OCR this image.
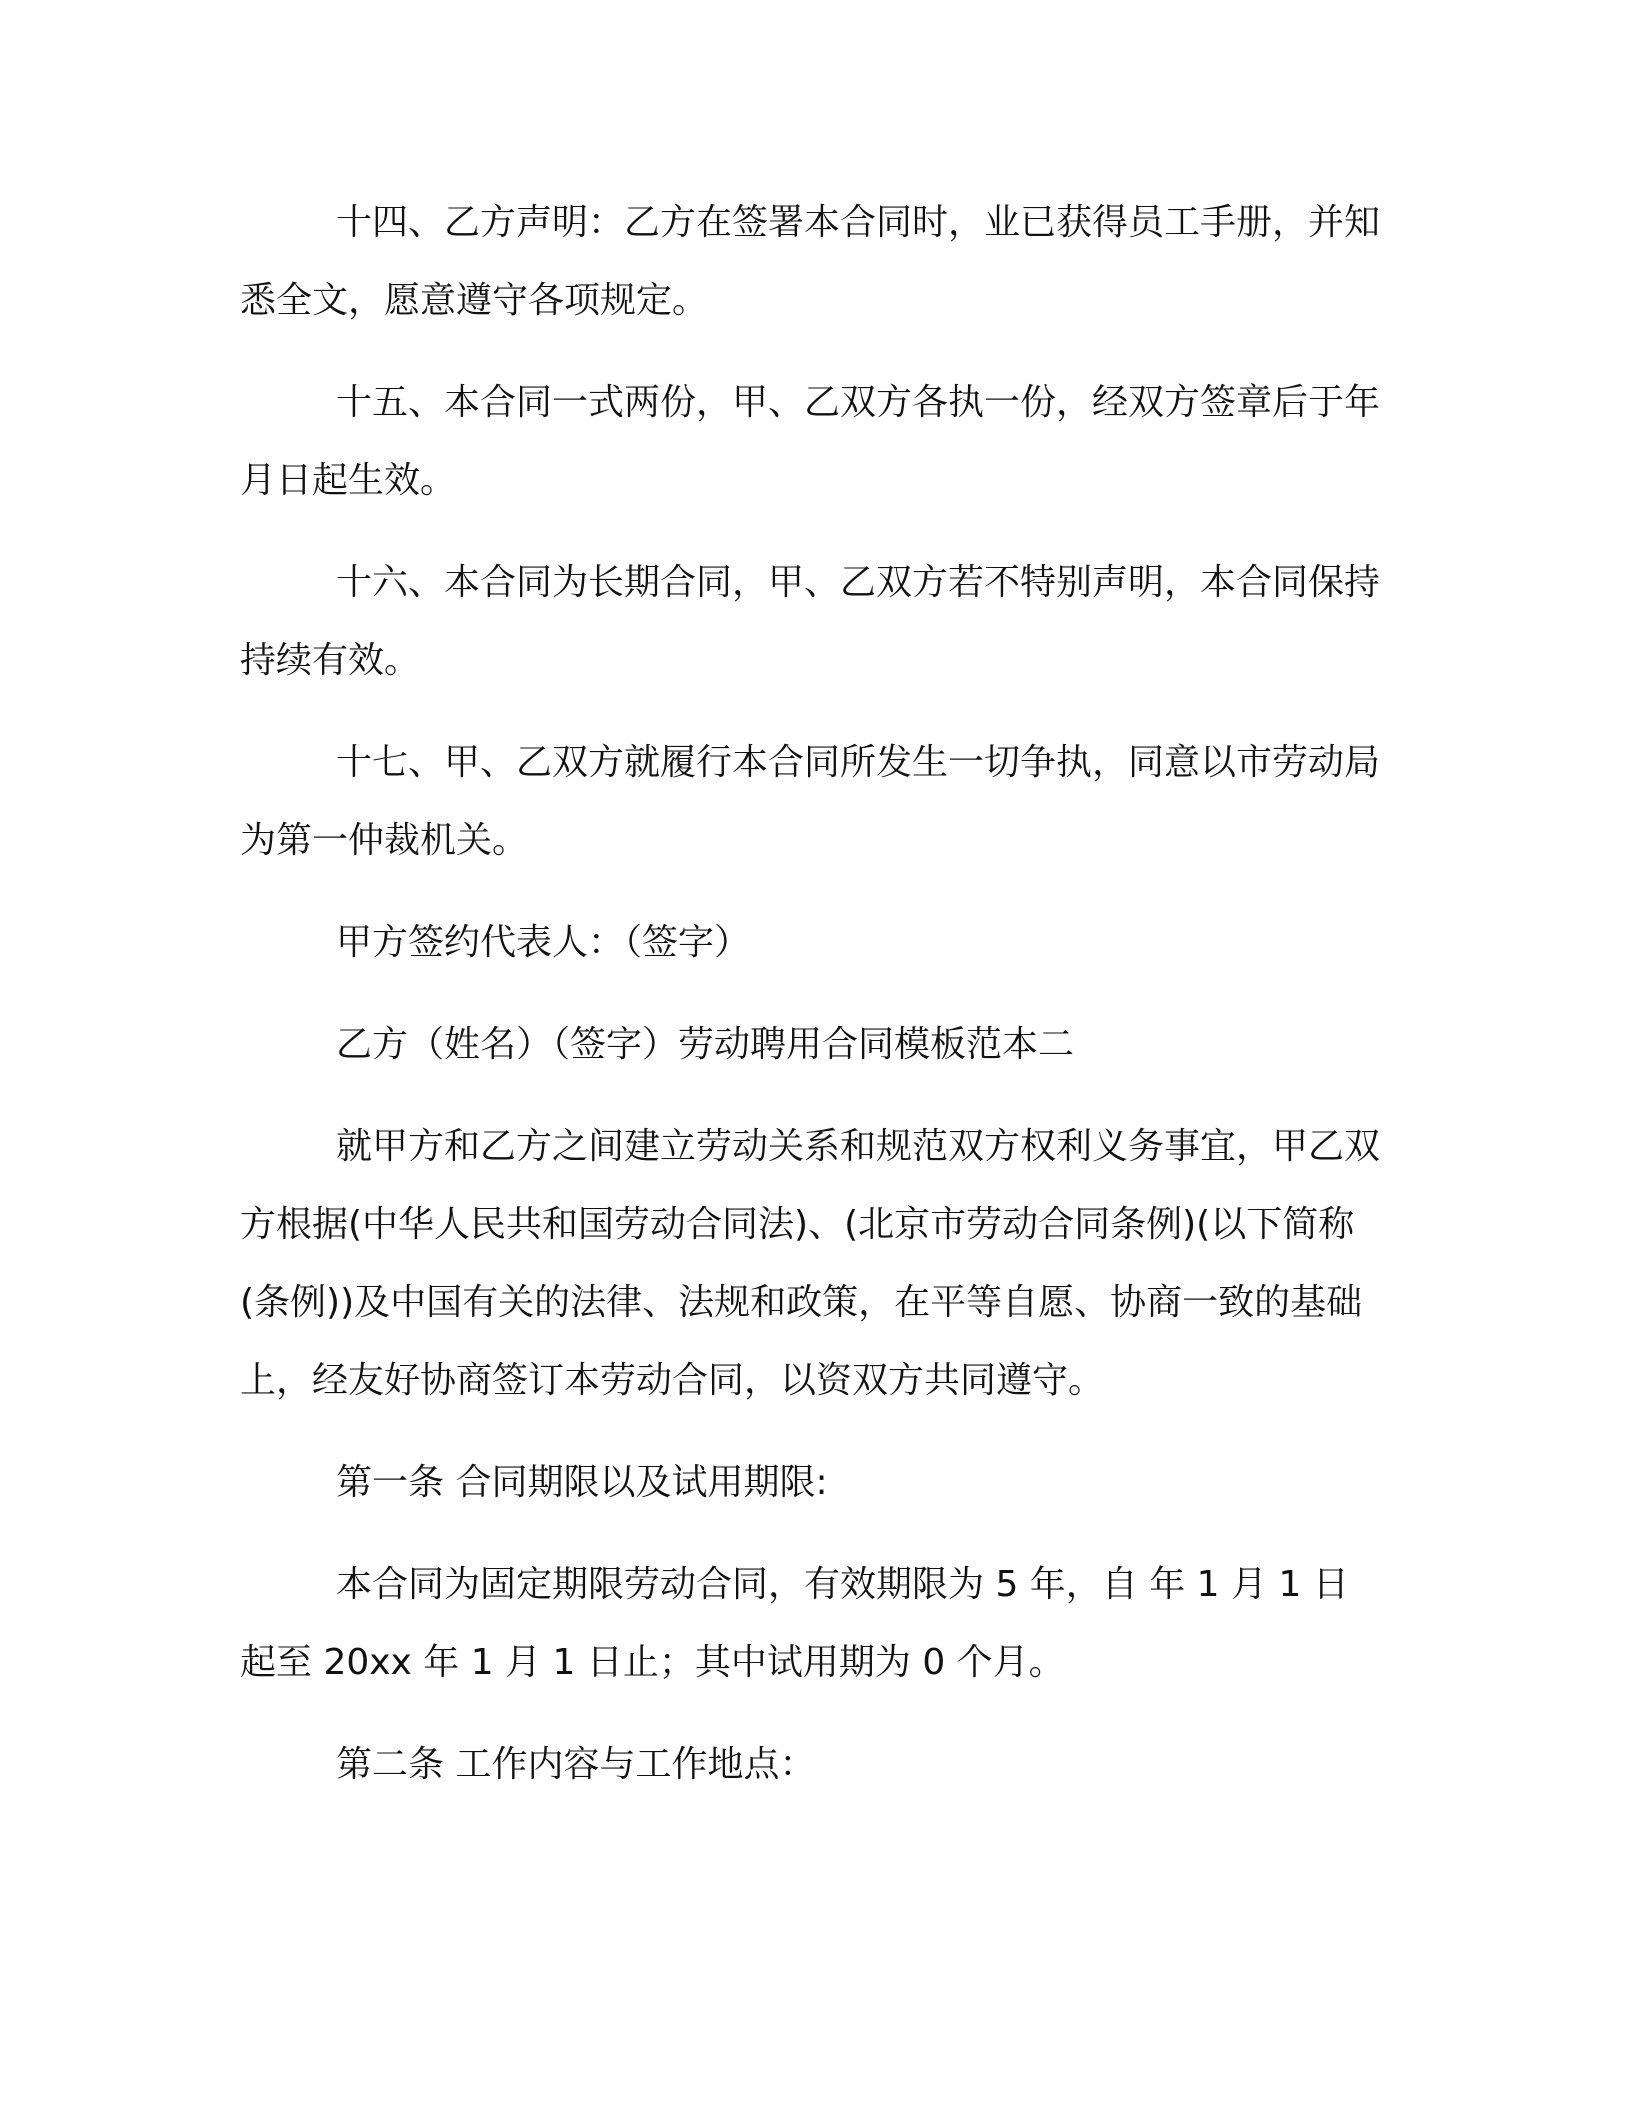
十四、乙方声明：乙方在签署本合同时，业已获得员工手册，并知悉全文，愿意遵守各项规定。

十五、本合同一式两份，甲、乙双方各执一份，经双方签章后于年月日起生效。

十六、本合同为长期合同，甲、乙双方若不特别声明，本合同保持持续有效。

十七、甲、乙双方就履行本合同所发生一切争执，同意以市劳动局为第一仲裁机关。

甲方签约代表人：（签字）

乙方（姓名）（签字）劳动聘用合同模板范本二

就甲方和乙方之间建立劳动关系和规范双方权利义务事宜，甲乙双方根据(中华人民共和国劳动合同法)、(北京市劳动合同条例)(以下简称(条例))及中国有关的法律、法规和政策，在平等自愿、协商一致的基础上，经友好协商签订本劳动合同，以资双方共同遵守。

第一条 合同期限以及试用期限:

本合同为固定期限劳动合同，有效期限为 5 年，自 年 1 月 1 日起至 20xx 年 1 月 1 日止；其中试用期为 0 个月。

第二条 工作内容与工作地点：
